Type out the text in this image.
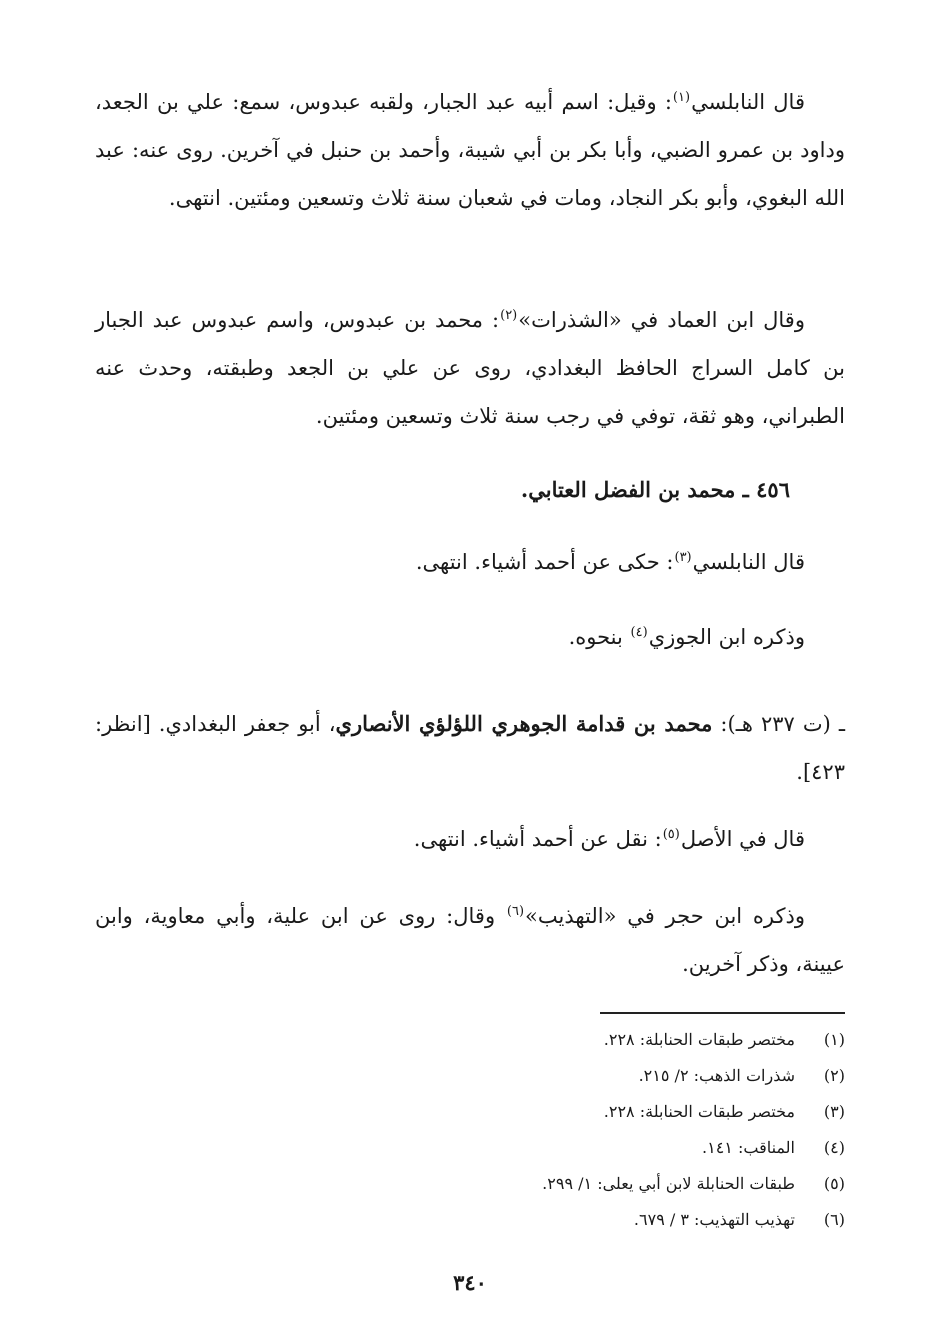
قال النابلسي$^{(١)}$: وقيل: اسم أبيه عبد الجبار، ولقبه عبدوس، سمع: علي بن الجعد، وداود بن عمرو الضبي، وأبا بكر بن أبي شيبة، وأحمد بن حنبل في آخرين. روى عنه: عبد الله البغوي، وأبو بكر النجاد، ومات في شعبان سنة ثلاث وتسعين ومئتين. انتهى.

وقال ابن العماد في «الشذرات»$^{(٢)}$: محمد بن عبدوس، واسم عبدوس عبد الجبار بن كامل السراج الحافظ البغدادي، روى عن علي بن الجعد وطبقته، وحدث عنه الطبراني، وهو ثقة، توفي في رجب سنة ثلاث وتسعين ومئتين.

٤٥٦ ـ محمد بن الفضل العتابي.

قال النابلسي$^{(٣)}$: حكى عن أحمد أشياء. انتهى.

وذكره ابن الجوزي$^{(٤)}$ بنحوه.

ـ (ت ٢٣٧ هـ): محمد بن قدامة الجوهري اللؤلؤي الأنصاري، أبو جعفر البغدادي. [انظر: ٤٢٣].

قال في الأصل$^{(٥)}$: نقل عن أحمد أشياء. انتهى.

وذكره ابن حجر في «التهذيب»$^{(٦)}$ وقال: روى عن ابن علية، وأبي معاوية، وابن عيينة، وذكر آخرين.

(١)مختصر طبقات الحنابلة: ٢٢٨.
(٢)شذرات الذهب: ٢/ ٢١٥.
(٣)مختصر طبقات الحنابلة: ٢٢٨.
(٤)المناقب: ١٤١.
(٥)طبقات الحنابلة لابن أبي يعلى: ١/ ٢٩٩.
(٦)تهذيب التهذيب: ٣ / ٦٧٩.
٣٤٠
